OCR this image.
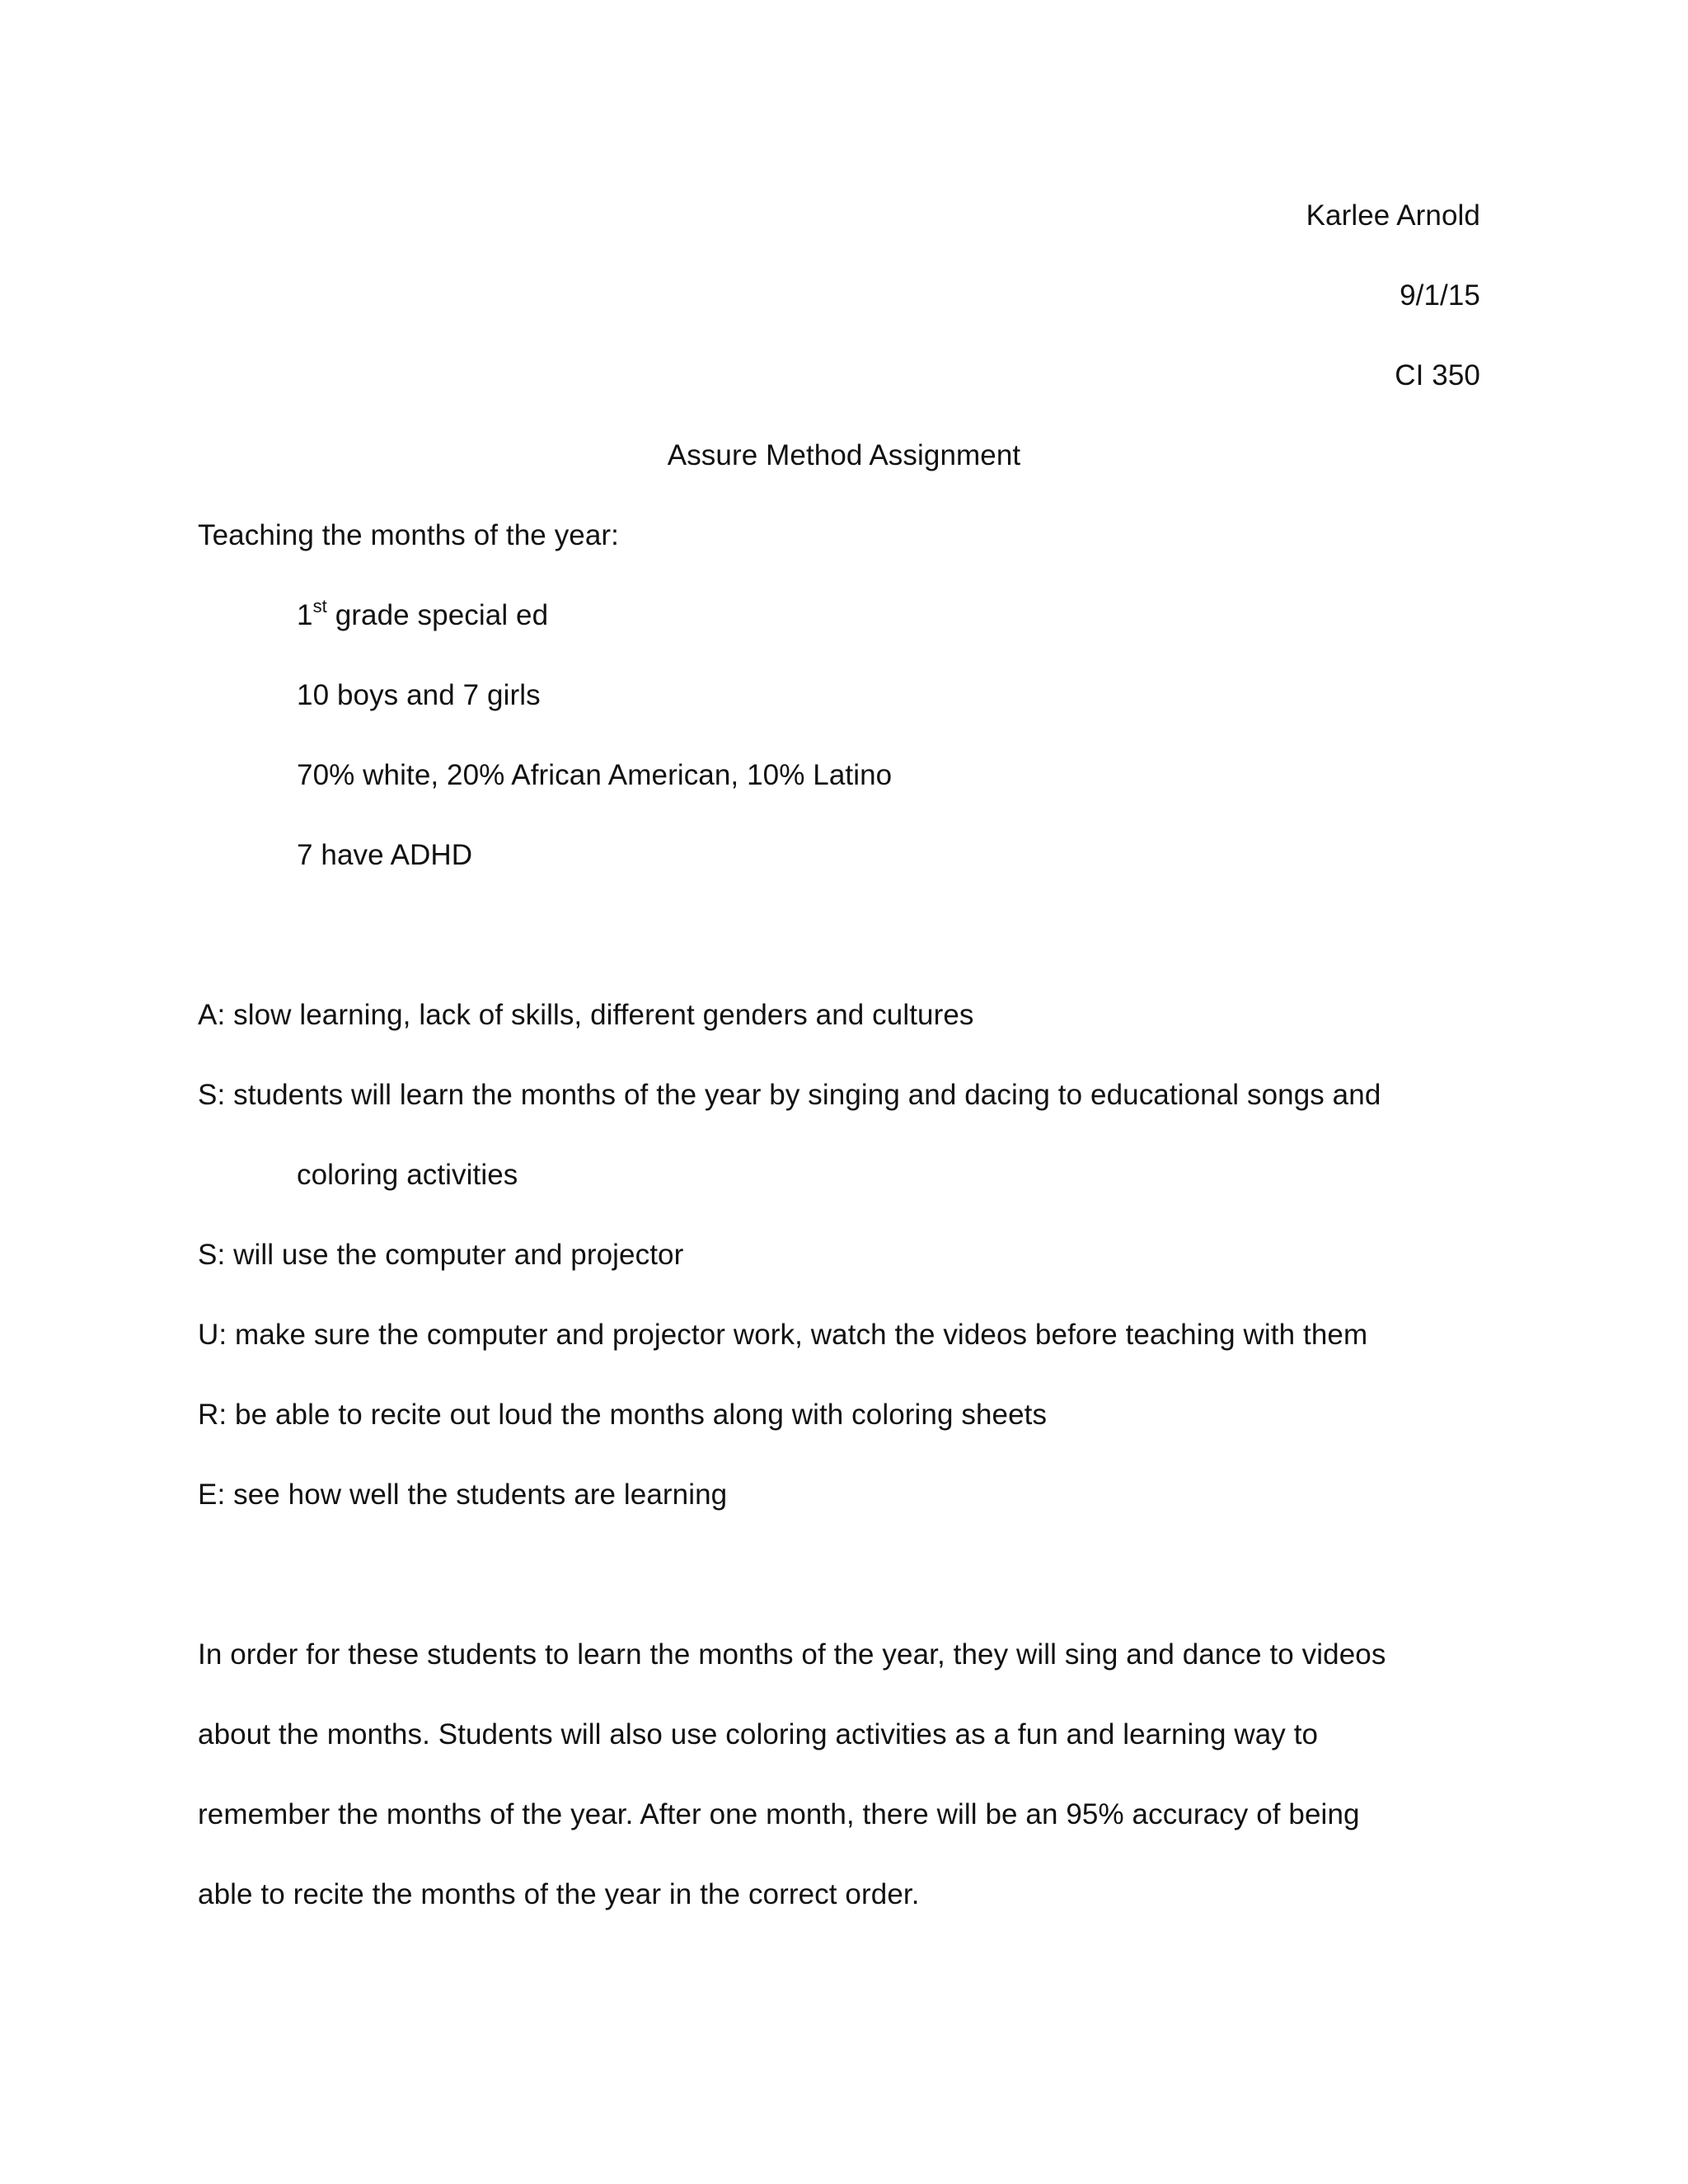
Karlee Arnold
9/1/15
CI 350
Assure Method Assignment
Teaching the months of the year:
1st grade special ed
10 boys and 7 girls
70% white, 20% African American, 10% Latino
7 have ADHD
A: slow learning, lack of skills, different genders and cultures
S: students will learn the months of the year by singing and dacing to educational songs and
coloring activities
S: will use the computer and projector
U: make sure the computer and projector work, watch the videos before teaching with them
R: be able to recite out loud the months along with coloring sheets
E: see how well the students are learning
In order for these students to learn the months of the year, they will sing and dance to videos
about the months. Students will also use coloring activities as a fun and learning way to
remember the months of the year. After one month, there will be an 95% accuracy of being
able to recite the months of the year in the correct order.
